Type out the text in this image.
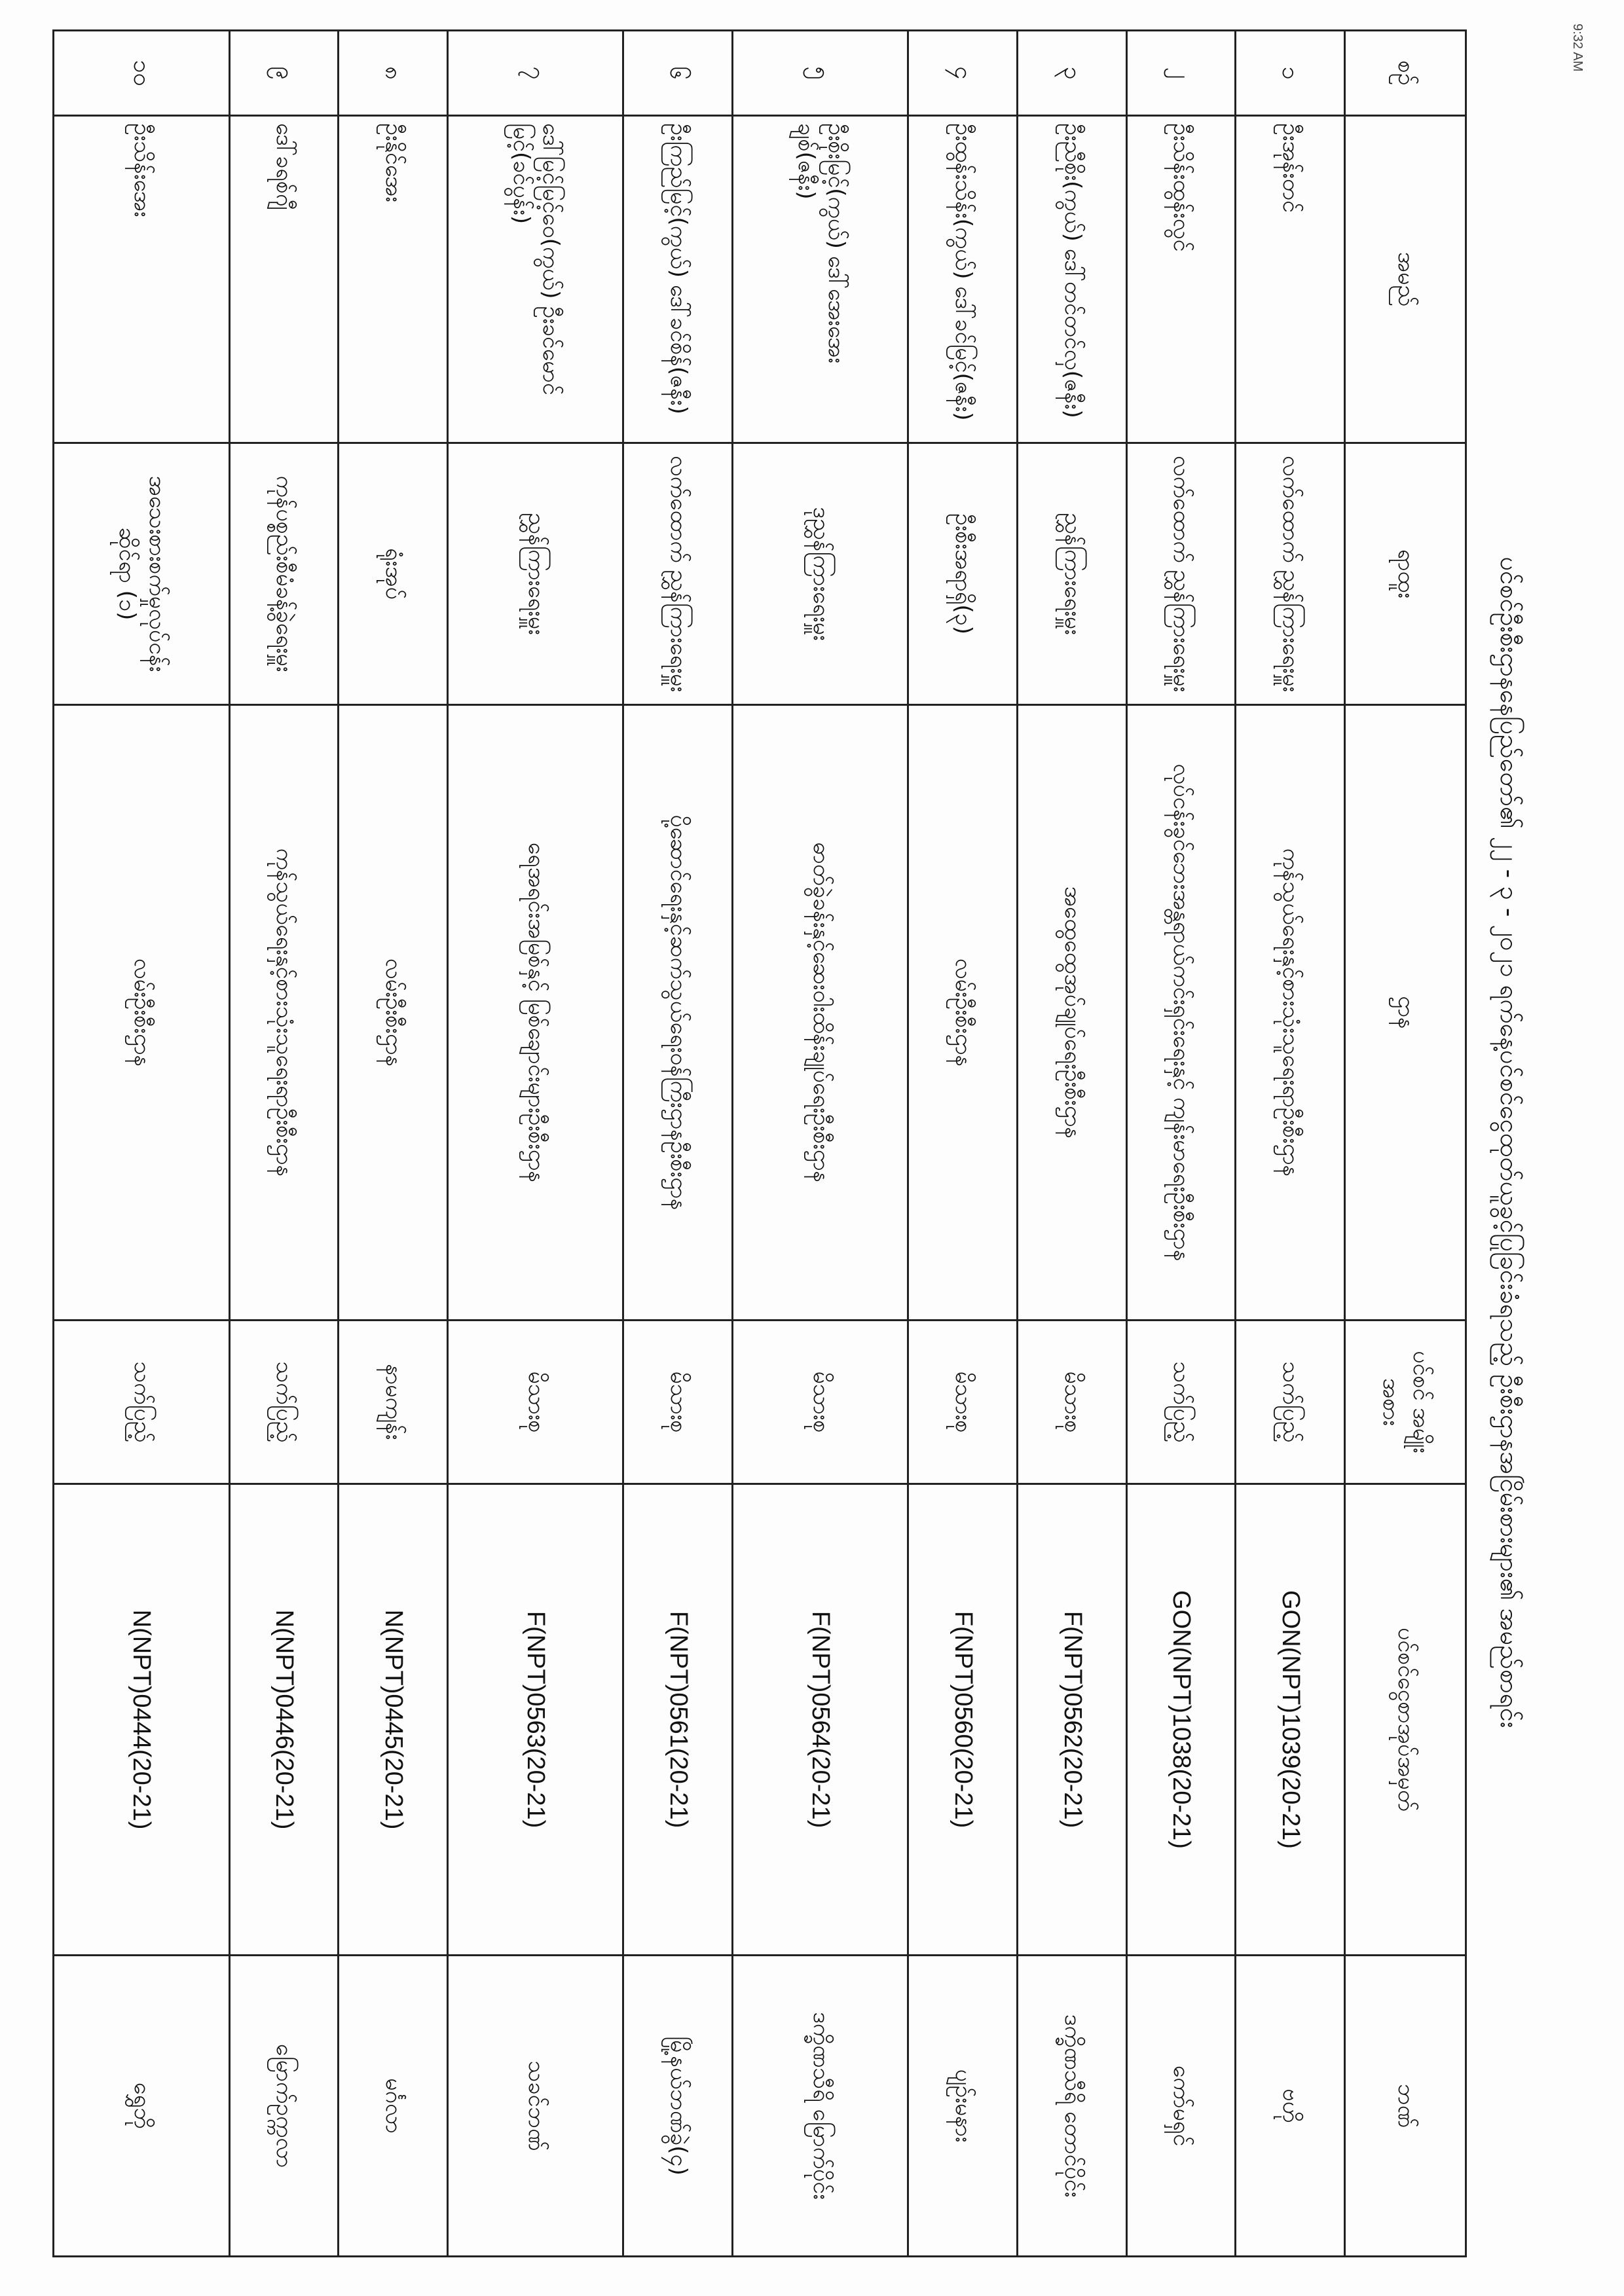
9:32 AM
ပင်စင်ဦးစီးဌာနနေပြည်တော်၏ ၂၂ - ၃ - ၂၀၂၁ ရက်နေ့ပင်စင်ငွေထုတ်ယူခွင့်ပြုခြင်းခံရသည့် ဦးစီးဌာနအငြိမ်းစားများ၏ အမည်စာရင်း
စဉ်	အမည်	ရာထူး	ဌာန	ပင်စင် အမျိုးအစား	ပင်စင်ငွေစာအုပ်အမှတ်	ဘဏ်
၁	ဦးအုန်းတင်	လက်ထောက် ညွှန်ကြားရေးမှူး	ကုန်သွယ်ရေးနှင့်စားသုံးသူရေးရာဦးစီးဌာန	သက်ပြည့်	GON(NPT)1039(20-21)	ဗဟို
၂	ဦးသိန်းထွန်းလွင်	လက်ထောက် ညွှန်ကြားရေးမှူး	လုပ်ငန်းခွင်ဘေးအန္တရာယ်ကင်းရှင်းရေးနှင့် ကျန်းမာရေးဦးစီးဌာန	သက်ပြည့်	GON(NPT)1038(20-21)	ကော်မရှင်
၃	ဦးညီစိုး(ကွယ်) ဒေါ်တင်တင်လှ(ဇနီး)	ညွှန်ကြားရေးမှူး	အထွေထွေအုပ်ချုပ်ရေးဦးစီးဌာန	မိသားစု	F(NPT)0562(20-21)	ဒက္ခိဏသီရိ တောင်ပိုင်း
၄	ဦးထွန်းသိန်း(ကွယ်) ဒေါ်ခင်မြင့်(ဇနီး)	ဦးစီးအရာရှိ(၃)	လမ်းဦးစီးဌာန	မိသားစု	F(NPT)0560(20-21)	ပျဉ်းမနား
၅	ဦးစိုးမြင့်(ကွယ်) ဒေါ်အေးအေးချစ်(ဇနီး)	ဒုညွှန်ကြားရေးမှူး	ဓာတ်ခွဲခန်းနှင့်ဆေးဝါးထိန်းချုပ်ရေးဦးစီးဌာန	မိသားစု	F(NPT)0564(20-21)	ဒက္ခိဏသီရိ မြောက်ပိုင်း
၆	ဦးကြည်မြင့်(ကွယ်) ဒေါ်ခင်စိန်(ဇနီး)	လက်ထောက် ညွှန်ကြားရေးမှူး	ပို့ဆောင်ရေးနှင့်ဆက်သွယ်ရေးဝန်ကြီးဌာနဦးစီးဌာန	မိသားစု	F(NPT)0561(20-21)	မြို့နယ်ဘဏ်ခွဲ(၄)
၇	ဒေါ်မြင့်မြင့်ဝေ(ကွယ်) ဦးခင်မောင်မြင့်(ခင်ပွန်း)	ညွှန်ကြားရေးမှူး	ရေအရင်းအမြစ်နှင့် မြစ်ချောင်းများဦးစီးဌာန	မိသားစု	F(NPT)0563(20-21)	သခင်ဘဏ်
၈	ဦးနိုင်အေး	ရုံးအုပ်	လမ်းဦးစီးဌာန	နာမကျန်း	N(NPT)0445(20-21)	မင်္ဂလာ
၉	ဒေါ်ခရစ်ဂျီ	ကုန်ပစ္စည်းစီမံခန့်ခွဲရေးမှူး	ကုန်သွယ်ရေးနှင့်စားသုံးသူရေးရာဦးစီးဌာန	သက်ပြည့်	N(NPT)0446(20-21)	မြောက်ဥက္ကလာ
၁၀	ဦးသိန်းအေး	အသေးစားစက်မှုလုပ်ငန်းဆိုင်ရာ (၁)	လမ်းဦးစီးဌာန	သက်ပြည့်	N(NPT)0444(20-21)	ရွှေဘို
